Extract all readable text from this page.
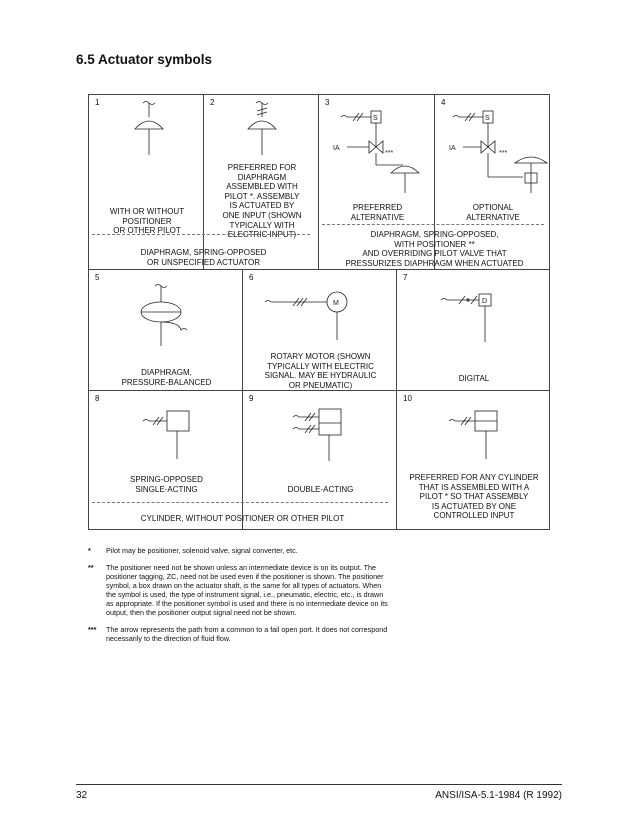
6.5 Actuator symbols
1
WITH OR WITHOUT
POSITIONER
OR OTHER PILOT
2
PREFERRED FOR
DIAPHRAGM
ASSEMBLED WITH
PILOT *. ASSEMBLY
IS ACTUATED BY
ONE INPUT (SHOWN
TYPICALLY WITH
ELECTRIC INPUT)
3
S
IA
***
PREFERRED
ALTERNATIVE
4
S
IA
***
OPTIONAL
ALTERNATIVE
DIAPHRAGM, SPRING-OPPOSED
OR UNSPECIFIED ACTUATOR
DIAPHRAGM, SPRING-OPPOSED,
WITH POSITIONER **
AND OVERRIDING PILOT VALVE THAT
PRESSURIZES DIAPHRAGM WHEN ACTUATED
5
DIAPHRAGM,
PRESSURE-BALANCED
6
M
ROTARY MOTOR (SHOWN
TYPICALLY WITH ELECTRIC
SIGNAL. MAY BE HYDRAULIC
OR PNEUMATIC)
7
D
DIGITAL
8
SPRING-OPPOSED
SINGLE-ACTING
9
DOUBLE-ACTING
10
PREFERRED FOR ANY CYLINDER
THAT IS ASSEMBLED WITH A
PILOT * SO THAT ASSEMBLY
IS ACTUATED BY ONE
CONTROLLED INPUT
CYLINDER, WITHOUT POSITIONER OR OTHER PILOT
* Pilot may be positioner, solenoid valve, signal converter, etc.
** The positioner need not be shown unless an intermediate device is on its output. The positioner tagging, ZC, need not be used even if the positioner is shown. The positioner symbol, a box drawn on the actuator shaft, is the same for all types of actuators. When the symbol is used, the type of instrument signal, i.e., pneumatic, electric, etc., is drawn as appropriate. If the positioner symbol is used and there is no intermediate device on its output, then the positioner output signal need not be shown.
*** The arrow represents the path from a common to a fail open port. It does not correspond necessarily to the direction of fluid flow.
32	ANSI/ISA-5.1-1984 (R 1992)
